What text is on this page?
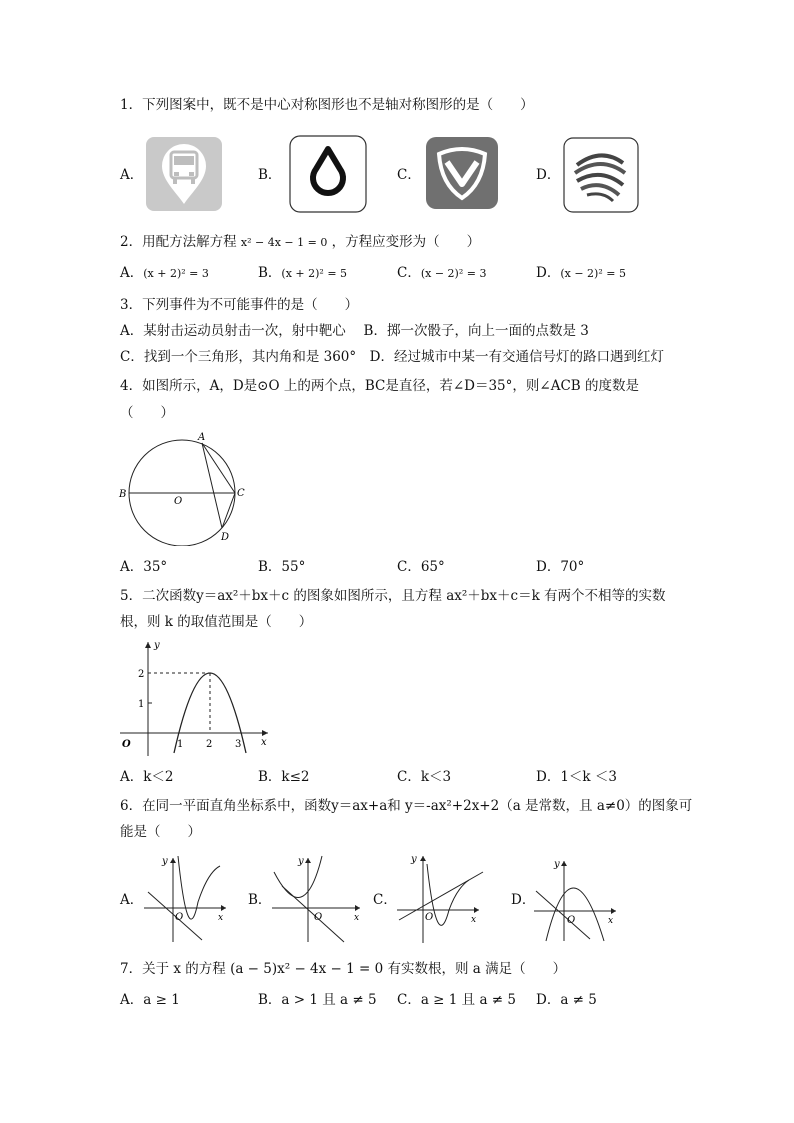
1．下列图案中，既不是中心对称图形也不是轴对称图形的是（　　）
A．	B．	C．	D．
2．用配方法解方程 x² − 4x − 1 = 0 ，方程应变形为（　　）
A．(x + 2)² = 3	B．(x + 2)² = 5	C．(x − 2)² = 3	D．(x − 2)² = 5
3．下列事件为不可能事件的是（　　）
A．某射击运动员射击一次，射中靶心　 B．掷一次骰子，向上一面的点数是 3
C．找到一个三角形，其内角和是 360°　D．经过城市中某一有交通信号灯的路口遇到红灯
4．如图所示，A，D是⊙O 上的两个点，BC是直径，若∠D＝35°，则∠ACB 的度数是
（　　）
A
B
O
C
D
A．35°	B．55°	C．65°	D．70°
5．二次函数y＝ax²＋bx＋c 的图象如图所示，且方程 ax²＋bx＋c＝k 有两个不相等的实数
根，则 k 的取值范围是（　　）
y
x
O
2
1
1 2 3
A．k＜2	B．k≤2	C．k＜3	D．1＜k ＜3
6．在同一平面直角坐标系中，函数y＝ax+a和 y＝-ax²+2x+2（a 是常数，且 a≠0）的图象可
能是（　　）
A．
y
x
O
B．
y
x
O
C．
y
x
O
D．
y
x
O
7．关于 x 的方程 (a − 5)x² − 4x − 1 = 0 有实数根，则 a 满足（　　）
A．a ≥ 1	B．a > 1 且 a ≠ 5 C．a ≥ 1 且 a ≠ 5 D．a ≠ 5
